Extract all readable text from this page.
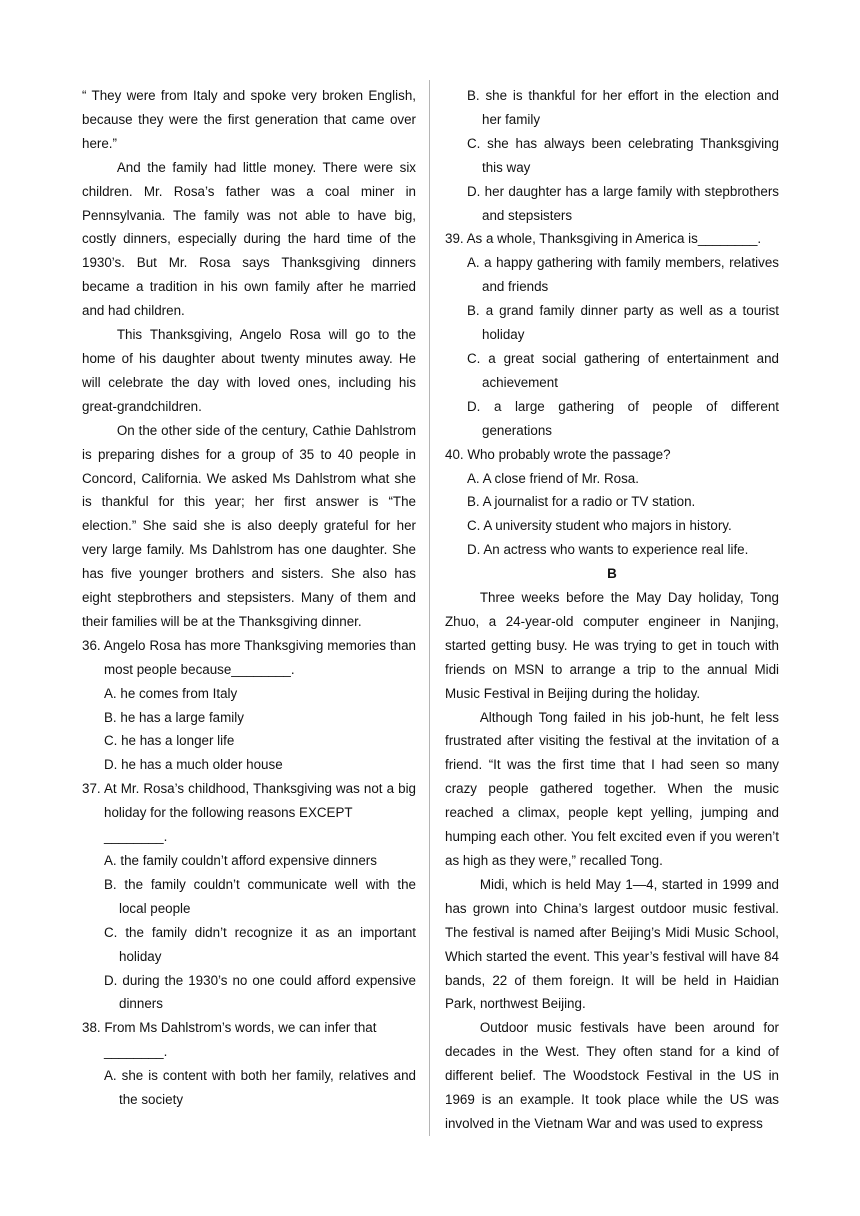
“ They were from Italy and spoke very broken English, because they were the first generation that came over here.”

And the family had little money. There were six children. Mr. Rosa’s father was a coal miner in Pennsylvania. The family was not able to have big, costly dinners, especially during the hard time of the 1930’s. But Mr. Rosa says Thanksgiving dinners became a tradition in his own family after he married and had children.

This Thanksgiving, Angelo Rosa will go to the home of his daughter about twenty minutes away. He will celebrate the day with loved ones, including his great-grandchildren.

On the other side of the century, Cathie Dahlstrom is preparing dishes for a group of 35 to 40 people in Concord, California. We asked Ms Dahlstrom what she is thankful for this year; her first answer is “The election.” She said she is also deeply grateful for her very large family. Ms Dahlstrom has one daughter. She has five younger brothers and sisters. She also has eight stepbrothers and stepsisters. Many of them and their families will be at the Thanksgiving dinner.

36. Angelo Rosa has more Thanksgiving memories than most people because________.

A. he comes from Italy

B. he has a large family

C. he has a longer life

D. he has a much older house

37. At Mr. Rosa’s childhood, Thanksgiving was not a big holiday for the following reasons EXCEPT

________.

A. the family couldn’t afford expensive dinners

B. the family couldn’t communicate well with the local people

C. the family didn’t recognize it as an important holiday

D. during the 1930’s no one could afford expensive dinners

38. From Ms Dahlstrom’s words, we can infer that

________.

A. she is content with both her family, relatives and the society

B. she is thankful for her effort in the election and her family

C. she has always been celebrating Thanksgiving this way

D. her daughter has a large family with stepbrothers and stepsisters

39. As a whole, Thanksgiving in America is________.

A. a happy gathering with family members, relatives and friends

B. a grand family dinner party as well as a tourist holiday

C. a great social gathering of entertainment and achievement

D. a large gathering of people of different generations

40. Who probably wrote the passage?

A. A close friend of Mr. Rosa.

B. A journalist for a radio or TV station.

C. A university student who majors in history.

D. An actress who wants to experience real life.

B

Three weeks before the May Day holiday, Tong Zhuo, a 24-year-old computer engineer in Nanjing, started getting busy. He was trying to get in touch with friends on MSN to arrange a trip to the annual Midi Music Festival in Beijing during the holiday.

Although Tong failed in his job-hunt, he felt less frustrated after visiting the festival at the invitation of a friend. “It was the first time that I had seen so many crazy people gathered together. When the music reached a climax, people kept yelling, jumping and humping each other. You felt excited even if you weren’t as high as they were,” recalled Tong.

Midi, which is held May 1—4, started in 1999 and has grown into China’s largest outdoor music festival. The festival is named after Beijing’s Midi Music School, Which started the event. This year’s festival will have 84 bands, 22 of them foreign. It will be held in Haidian Park, northwest Beijing.

Outdoor music festivals have been around for decades in the West. They often stand for a kind of different belief. The Woodstock Festival in the US in 1969 is an example. It took place while the US was involved in the Vietnam War and was used to express
